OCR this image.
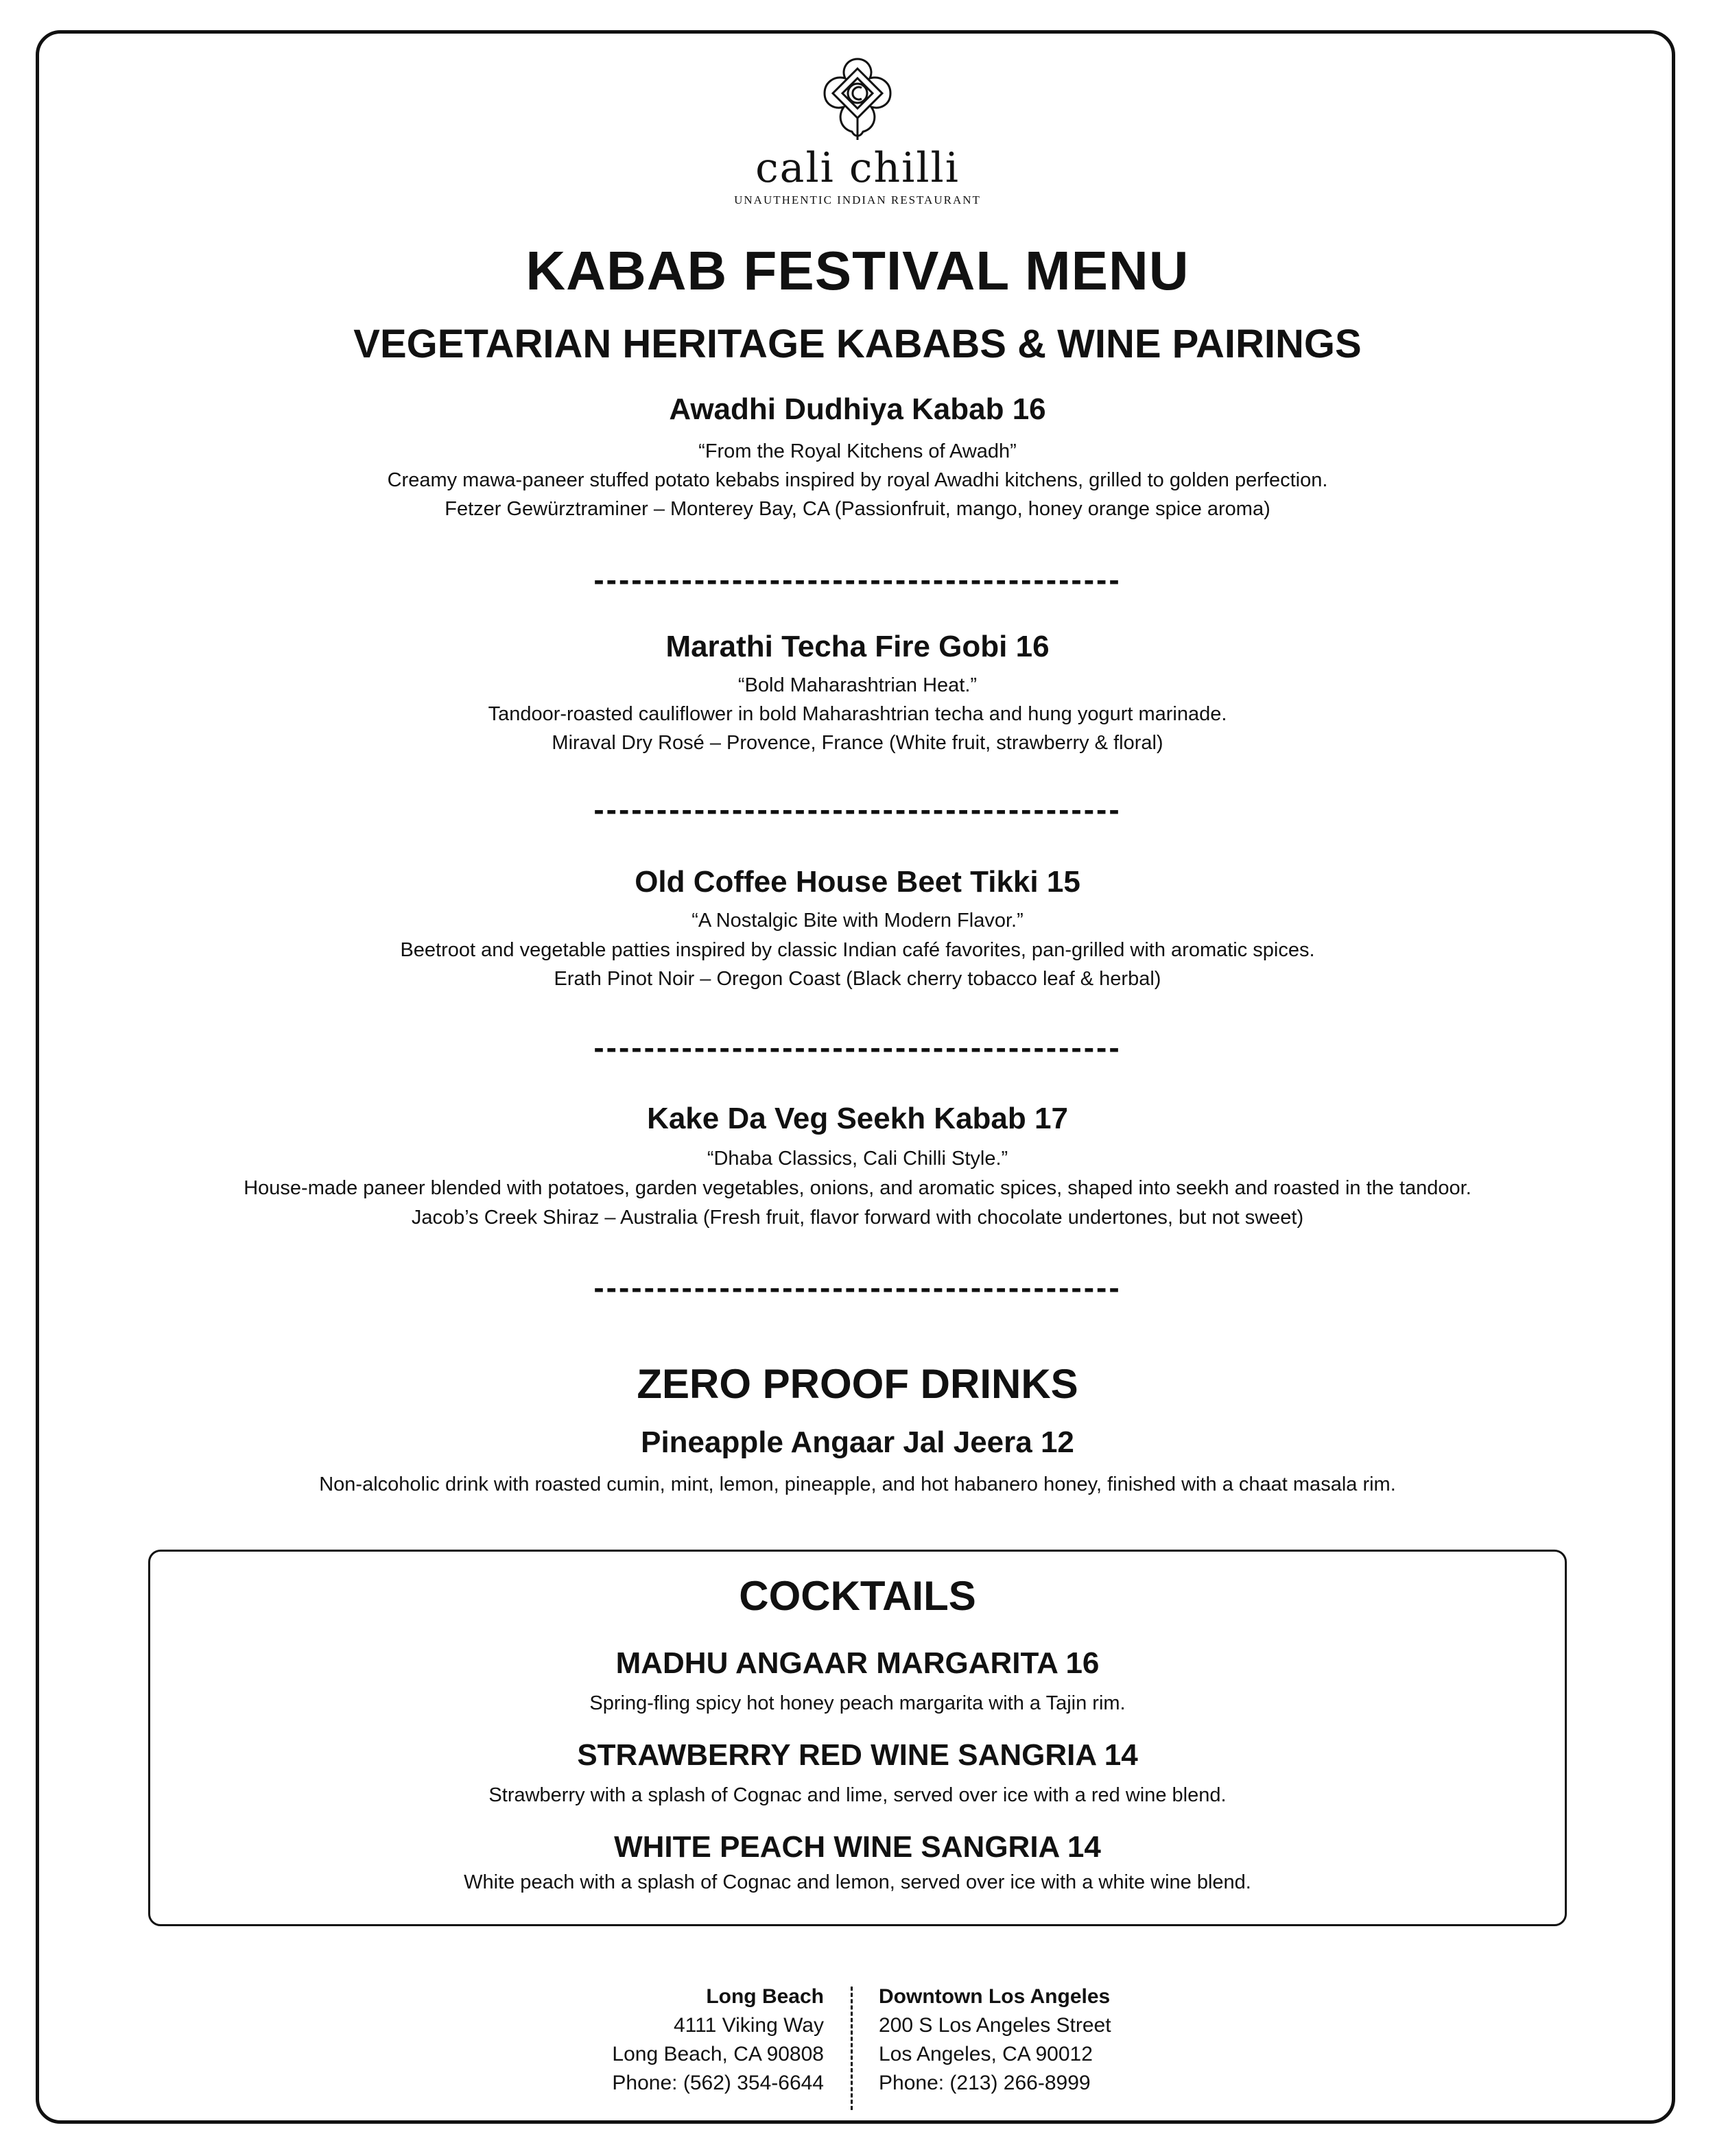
cali chilli
UNAUTHENTIC INDIAN RESTAURANT
KABAB FESTIVAL MENU
VEGETARIAN HERITAGE KABABS & WINE PAIRINGS
Awadhi Dudhiya Kabab 16
“From the Royal Kitchens of Awadh”
Creamy mawa-paneer stuffed potato kebabs inspired by royal Awadhi kitchens, grilled to golden perfection.
Fetzer Gewürztraminer – Monterey Bay, CA (Passionfruit, mango, honey orange spice aroma)
------------------------------------------
Marathi Techa Fire Gobi 16
“Bold Maharashtrian Heat.”
Tandoor-roasted cauliflower in bold Maharashtrian techa and hung yogurt marinade.
Miraval Dry Rosé – Provence, France (White fruit, strawberry & floral)
------------------------------------------
Old Coffee House Beet Tikki 15
“A Nostalgic Bite with Modern Flavor.”
Beetroot and vegetable patties inspired by classic Indian café favorites, pan-grilled with aromatic spices.
Erath Pinot Noir – Oregon Coast (Black cherry tobacco leaf & herbal)
------------------------------------------
Kake Da Veg Seekh Kabab 17
“Dhaba Classics, Cali Chilli Style.”
House-made paneer blended with potatoes, garden vegetables, onions, and aromatic spices, shaped into seekh and roasted in the tandoor.
Jacob’s Creek Shiraz – Australia (Fresh fruit, flavor forward with chocolate undertones, but not sweet)
------------------------------------------
ZERO PROOF DRINKS
Pineapple Angaar Jal Jeera 12
Non-alcoholic drink with roasted cumin, mint, lemon, pineapple, and hot habanero honey, finished with a chaat masala rim.
COCKTAILS
MADHU ANGAAR MARGARITA 16
Spring-fling spicy hot honey peach margarita with a Tajin rim.
STRAWBERRY RED WINE SANGRIA 14
Strawberry with a splash of Cognac and lime, served over ice with a red wine blend.
WHITE PEACH WINE SANGRIA 14
White peach with a splash of Cognac and lemon, served over ice with a white wine blend.
Long Beach
4111 Viking Way
Long Beach, CA 90808
Phone: (562) 354-6644
Downtown Los Angeles
200 S Los Angeles Street
Los Angeles, CA 90012
Phone: (213) 266-8999
